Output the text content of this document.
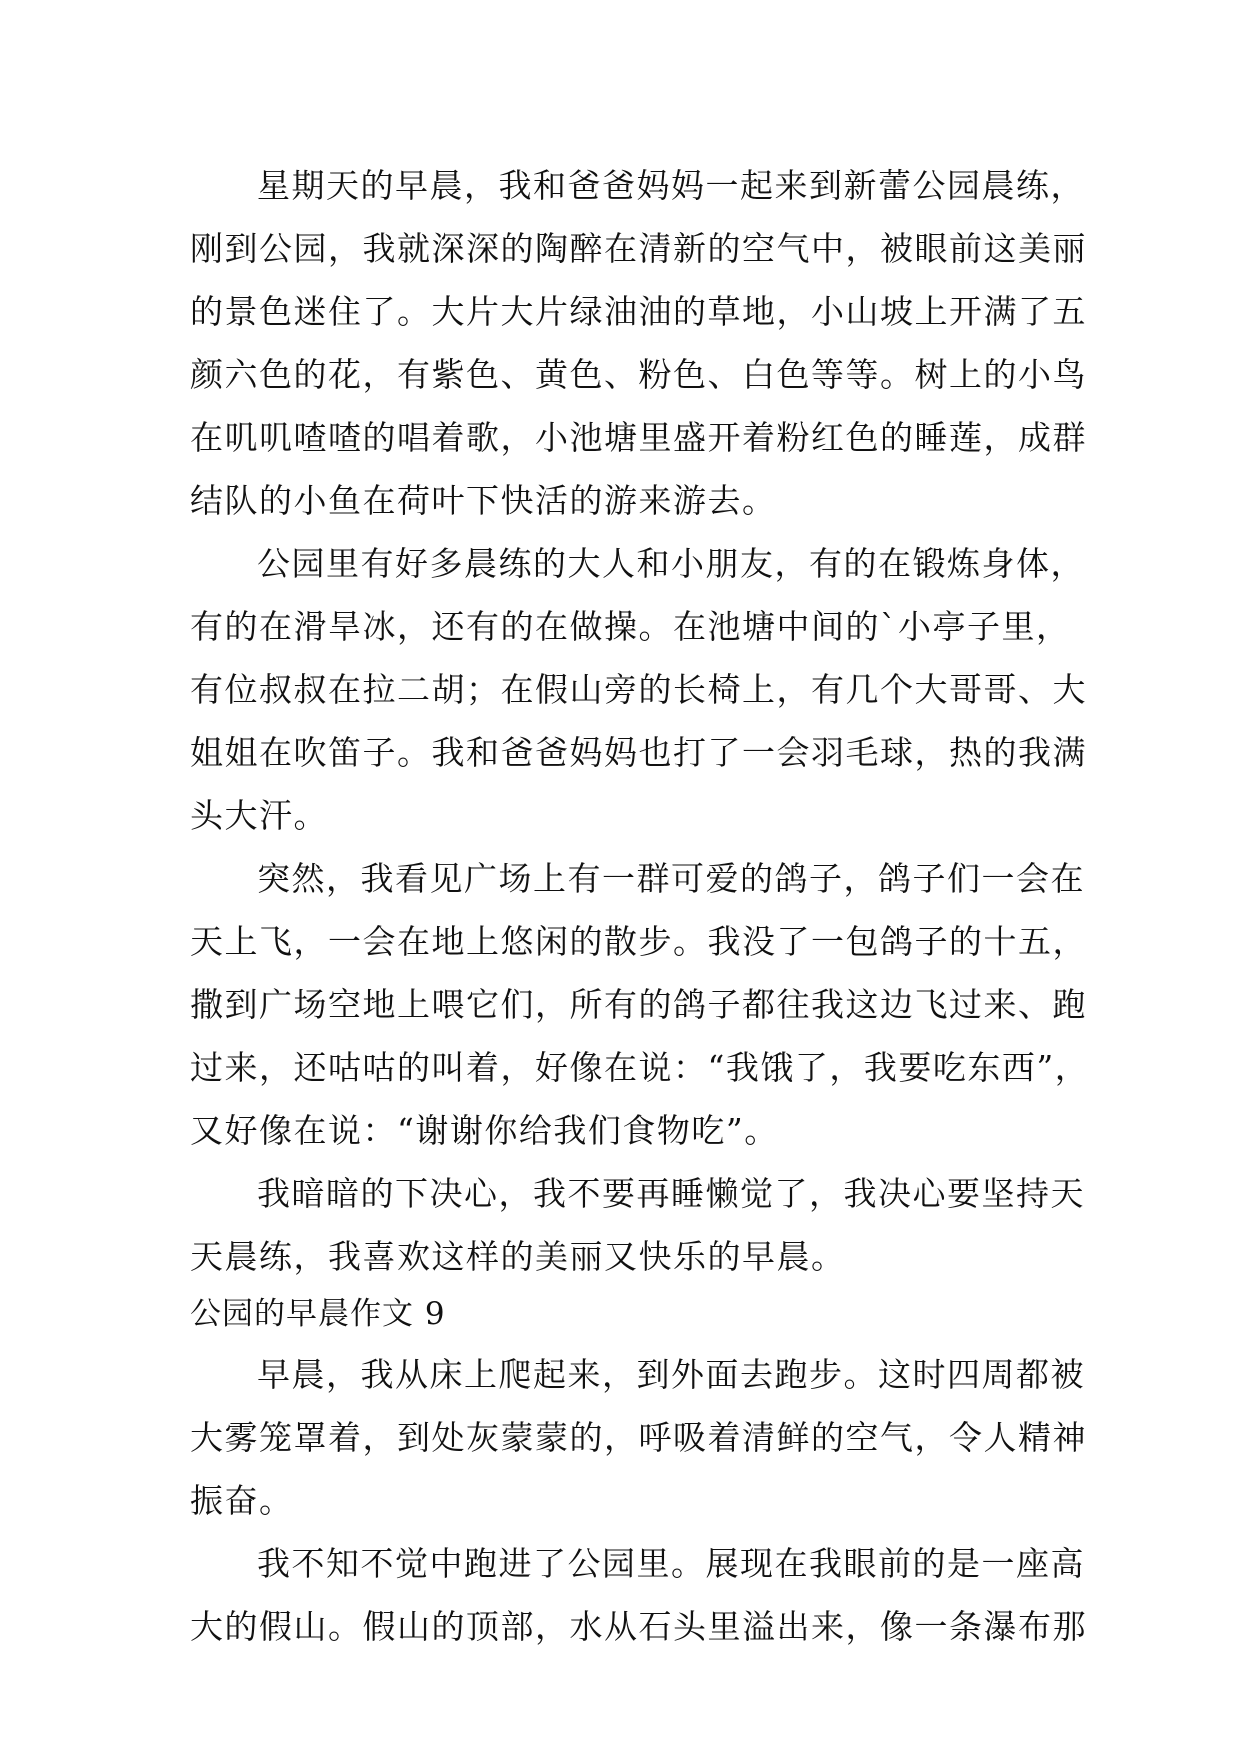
星期天的早晨，我和爸爸妈妈一起来到新蕾公园晨练，
刚到公园，我就深深的陶醉在清新的空气中，被眼前这美丽
的景色迷住了。大片大片绿油油的草地，小山坡上开满了五
颜六色的花，有紫色、黄色、粉色、白色等等。树上的小鸟
在叽叽喳喳的唱着歌，小池塘里盛开着粉红色的睡莲，成群
结队的小鱼在荷叶下快活的游来游去。
公园里有好多晨练的大人和小朋友，有的在锻炼身体，
有的在滑旱冰，还有的在做操。在池塘中间的`小亭子里，
有位叔叔在拉二胡；在假山旁的长椅上，有几个大哥哥、大
姐姐在吹笛子。我和爸爸妈妈也打了一会羽毛球，热的我满
头大汗。
突然，我看见广场上有一群可爱的鸽子，鸽子们一会在
天上飞，一会在地上悠闲的散步。我没了一包鸽子的十五，
撒到广场空地上喂它们，所有的鸽子都往我这边飞过来、跑
过来，还咕咕的叫着，好像在说：“我饿了，我要吃东西”，
又好像在说：“谢谢你给我们食物吃”。
我暗暗的下决心，我不要再睡懒觉了，我决心要坚持天
天晨练，我喜欢这样的美丽又快乐的早晨。
公园的早晨作文 9
早晨，我从床上爬起来，到外面去跑步。这时四周都被
大雾笼罩着，到处灰蒙蒙的，呼吸着清鲜的空气，令人精神
振奋。
我不知不觉中跑进了公园里。展现在我眼前的是一座高
大的假山。假山的顶部，水从石头里溢出来，像一条瀑布那
